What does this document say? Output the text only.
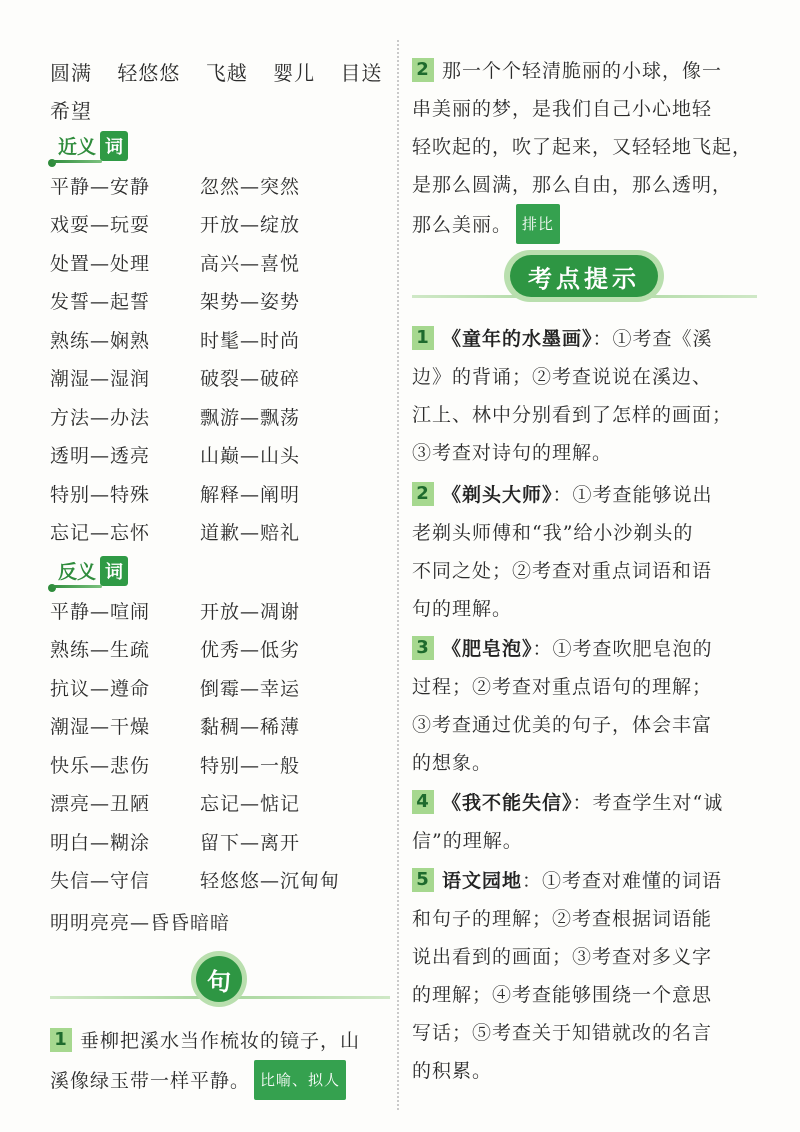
圆满 轻悠悠 飞越 婴儿 目送
希望
近义 词
平静—安静	忽然—突然
戏耍—玩耍	开放—绽放
处置—处理	高兴—喜悦
发誓—起誓	架势—姿势
熟练—娴熟	时髦—时尚
潮湿—湿润	破裂—破碎
方法—办法	飘游—飘荡
透明—透亮	山巅—山头
特别—特殊	解释—阐明
忘记—忘怀	道歉—赔礼
反义 词
平静—喧闹	开放—凋谢
熟练—生疏	优秀—低劣
抗议—遵命	倒霉—幸运
潮湿—干燥	黏稠—稀薄
快乐—悲伤	特别—一般
漂亮—丑陋	忘记—惦记
明白—糊涂	留下—离开
失信—守信	轻悠悠—沉甸甸
明明亮亮—昏昏暗暗
句

1 垂柳把溪水当作梳妆的镜子，山

溪像绿玉带一样平静。 比喻、拟人

2 那一个个轻清脆丽的小球，像一

串美丽的梦，是我们自己小心地轻

轻吹起的，吹了起来，又轻轻地飞起，

是那么圆满，那么自由，那么透明，

那么美丽。 排比

考点提示

1 《童年的水墨画》：①考查《溪

边》的背诵；②考查说说在溪边、

江上、林中分别看到了怎样的画面；

③考查对诗句的理解。

2 《剃头大师》：①考查能够说出

老剃头师傅和“我”给小沙剃头的

不同之处；②考查对重点词语和语

句的理解。

3 《肥皂泡》：①考查吹肥皂泡的

过程；②考查对重点语句的理解；

③考查通过优美的句子，体会丰富

的想象。

4 《我不能失信》：考查学生对“诚

信”的理解。

5 语文园地：①考查对难懂的词语

和句子的理解；②考查根据词语能

说出看到的画面；③考查对多义字

的理解；④考查能够围绕一个意思

写话；⑤考查关于知错就改的名言

的积累。
